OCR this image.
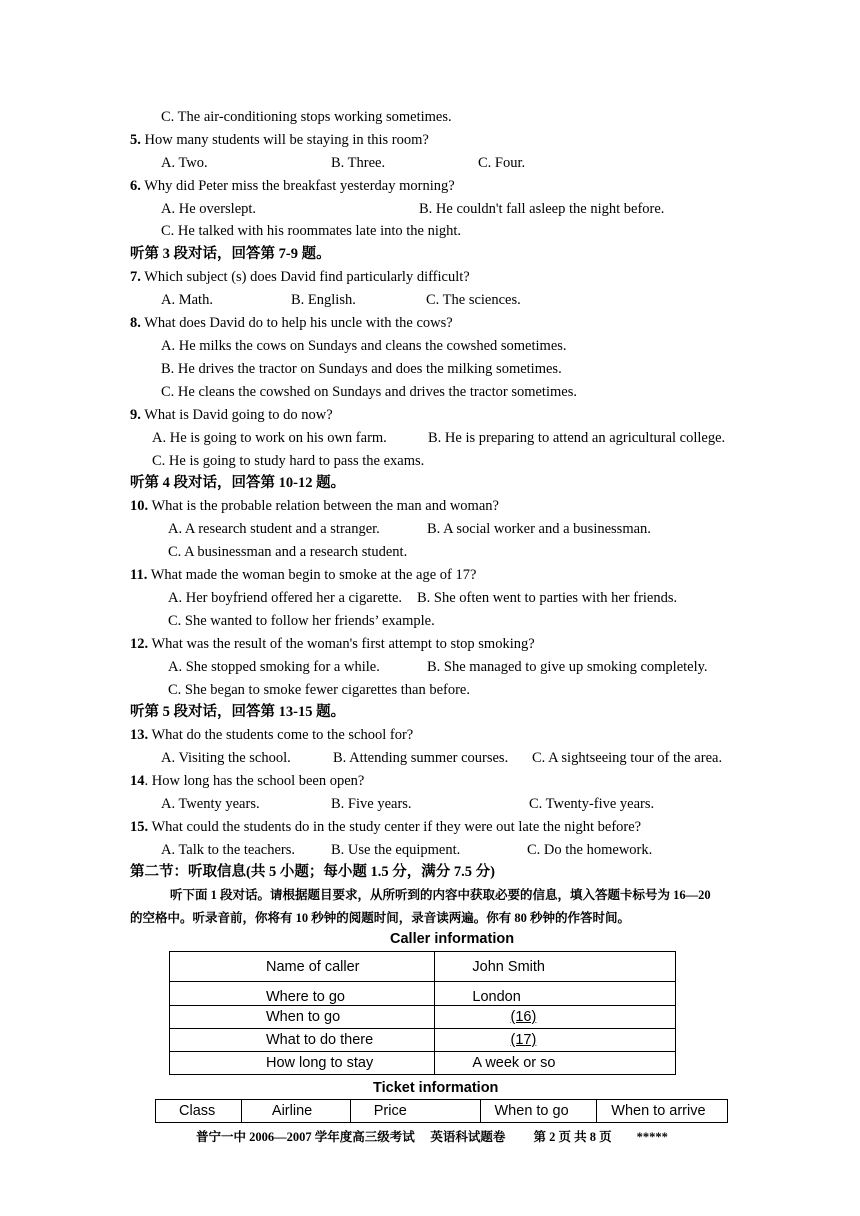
C. The air-conditioning stops working sometimes.
5. How many students will be staying in this room?
A. Two.	B. Three.	C. Four.
6. Why did Peter miss the breakfast yesterday morning?
A. He overslept.	B. He couldn't fall asleep the night before.
C. He talked with his roommates late into the night.
听第 3 段对话，回答第 7-9 题。
7. Which subject (s) does David find particularly difficult?
A. Math.	B. English.	C. The sciences.
8. What does David do to help his uncle with the cows?
A. He milks the cows on Sundays and cleans the cowshed sometimes.
B. He drives the tractor on Sundays and does the milking sometimes.
C. He cleans the cowshed on Sundays and drives the tractor sometimes.
9. What is David going to do now?
A. He is going to work on his own farm.	B. He is preparing to attend an agricultural college.
C. He is going to study hard to pass the exams.
听第 4 段对话，回答第 10-12 题。
10. What is the probable relation between the man and woman?
A. A research student and a stranger.	B. A social worker and a businessman.
C. A businessman and a research student.
11. What made the woman begin to smoke at the age of 17?
A. Her boyfriend offered her a cigarette. B. She often went to parties with her friends.
C. She wanted to follow her friends’ example.
12. What was the result of the woman's first attempt to stop smoking?
A. She stopped smoking for a while.	B. She managed to give up smoking completely.
C. She began to smoke fewer cigarettes than before.
听第 5 段对话，回答第 13-15 题。
13. What do the students come to the school for?
A. Visiting the school.	B. Attending summer courses. C. A sightseeing tour of the area.
14. How long has the school been open?
A. Twenty years.	B. Five years.	C. Twenty-five years.
15. What could the students do in the study center if they were out late the night before?
A. Talk to the teachers. B. Use the equipment.	C. Do the homework.
第二节：听取信息(共 5 小题；每小题 1.5 分，满分 7.5 分)
听下面 1 段对话。请根据题目要求，从所听到的内容中获取必要的信息，填入答题卡标号为 16—20
的空格中。听录音前，你将有 10 秒钟的阅题时间，录音读两遍。你有 80 秒钟的作答时间。
Caller information
Name of caller	John Smith
Where to go	London
When to go	(16)
What to do there	(17)
How long to stay	A week or so
Ticket information
Class	Airline	Price	When to go	When to arrive
普宁一中 2006—2007 学年度高三级考试　 英语科试题卷　　 第 2 页 共 8 页　　*****
